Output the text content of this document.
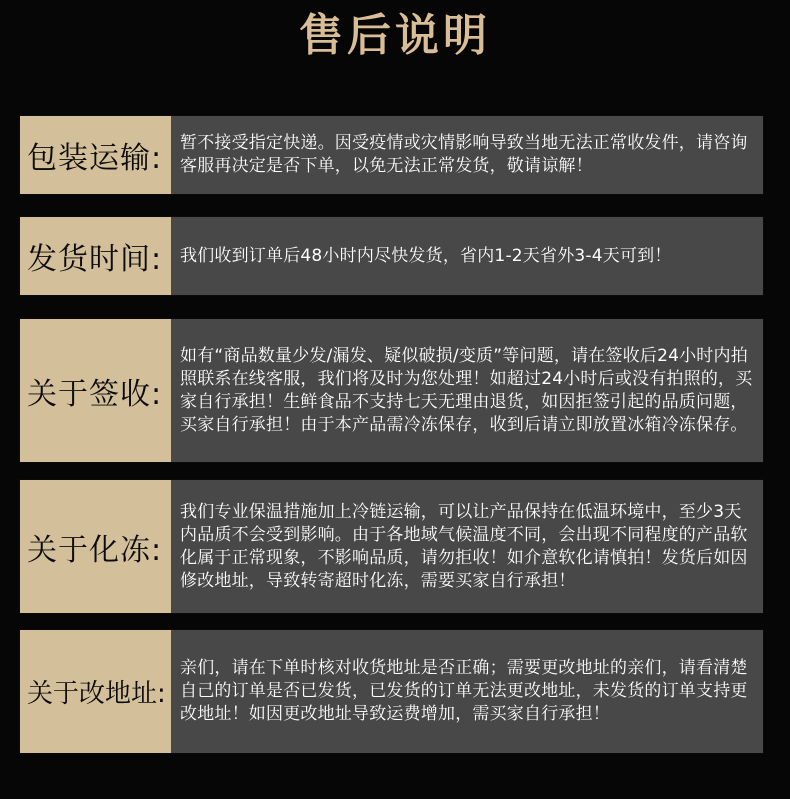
售后说明
包装运输:	暂不接受指定快递。因受疫情或灾情影响导致当地无法正常收发件，请咨询客服再决定是否下单，以免无法正常发货，敬请谅解！
发货时间:	我们收到订单后48小时内尽快发货，省内1-2天省外3-4天可到！
关于签收:
如有“商品数量少发/漏发、疑似破损/变质”等问题，请在签收后24小时内拍照联系在线客服，我们将及时为您处理！如超过24小时后或没有拍照的，买家自行承担！生鲜食品不支持七天无理由退货，如因拒签引起的品质问题，买家自行承担！由于本产品需冷冻保存，收到后请立即放置冰箱冷冻保存。
关于化冻:
我们专业保温措施加上冷链运输，可以让产品保持在低温环境中，至少3天内品质不会受到影响。由于各地域气候温度不同，会出现不同程度的产品软化属于正常现象，不影响品质，请勿拒收！如介意软化请慎拍！发货后如因修改地址，导致转寄超时化冻，需要买家自行承担！
关于改地址:
亲们，请在下单时核对收货地址是否正确；需要更改地址的亲们，请看清楚自己的订单是否已发货，已发货的订单无法更改地址，未发货的订单支持更改地址！如因更改地址导致运费增加，需买家自行承担！
